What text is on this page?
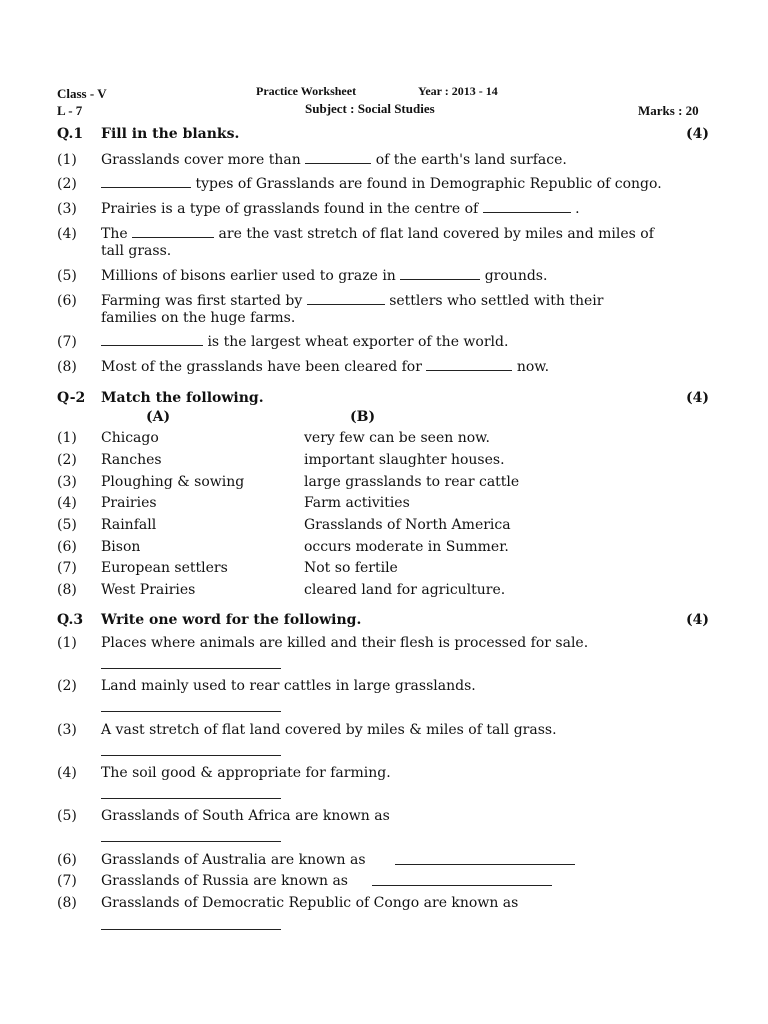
Class - V
L - 7
Practice Worksheet	Year : 2013 - 14
Subject : Social Studies	Marks : 20
Q.1 Fill in the blanks.	(4)
(1) Grasslands cover more than	of the earth's land surface.
(2)	types of Grasslands are found in Demographic Republic of congo.
(3) Prairies is a type of grasslands found in the centre of	.
(4) The	are the vast stretch of flat land covered by miles and miles of
tall grass.
(5) Millions of bisons earlier used to graze in	grounds.
(6) Farming was first started by	settlers who settled with their
families on the huge farms.
(7)	is the largest wheat exporter of the world.
(8) Most of the grasslands have been cleared for	now.
Q-2 Match the following.	(4)
(A)	(B)
(1) Chicago	very few can be seen now.
(2) Ranches	important slaughter houses.
(3) Ploughing & sowing	large grasslands to rear cattle
(4) Prairies	Farm activities
(5) Rainfall	Grasslands of North America
(6) Bison	occurs moderate in Summer.
(7) European settlers	Not so fertile
(8) West Prairies	cleared land for agriculture.
Q.3 Write one word for the following.	(4)
(1) Places where animals are killed and their flesh is processed for sale.
(2) Land mainly used to rear cattles in large grasslands.
(3) A vast stretch of flat land covered by miles & miles of tall grass.
(4) The soil good & appropriate for farming.
(5) Grasslands of South Africa are known as
(6) Grasslands of Australia are known as
(7) Grasslands of Russia are known as
(8) Grasslands of Democratic Republic of Congo are known as
